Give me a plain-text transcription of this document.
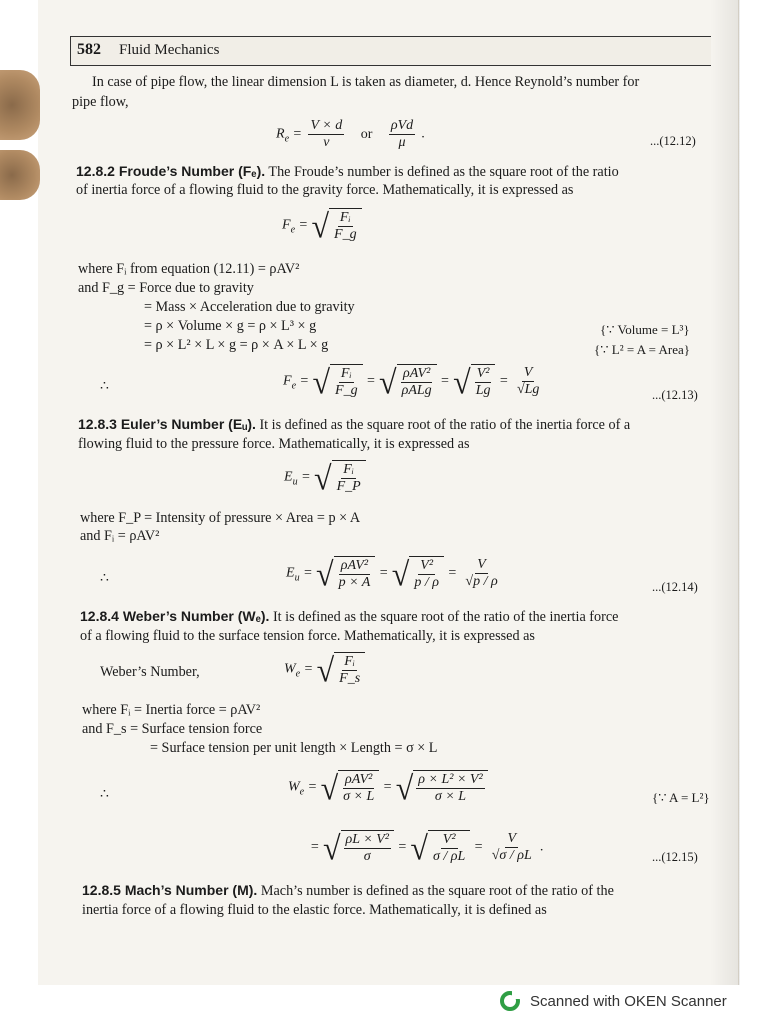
582 Fluid Mechanics
In case of pipe flow, the linear dimension L is taken as diameter, d. Hence Reynold’s number for
pipe flow,
$R_e = \frac{V \times d}{\nu}$ or $\frac{\text{ρVd}}{\mu}$ .	...(12.12)
12.8.2 Froude’s Number (Fₑ). The Froude’s number is defined as the square root of the ratio
of inertia force of a flowing fluid to the gravity force. Mathematically, it is expressed as
$F_e$ = √ $\frac{\text{Fᵢ}}{F\_g}$
where Fᵢ from equation (12.11) = ρAV²
and F_g = Force due to gravity
= Mass × Acceleration due to gravity
= ρ × Volume × g = ρ × L³ × g
= ρ × L² × L × g = ρ × A × L × g
{∵ Volume = L³}
{∵ L² = A = Area}
∴	$F_e$ = √ $\frac{\text{Fᵢ}}{F\_g}$ = √ $\frac{\text{ρAV²}}{\text{ρALg}}$ = √ $\frac{\text{V²}}{Lg} = \frac{V}{√Lg}$	...(12.13)
12.8.3 Euler’s Number (Eᵤ). It is defined as the square root of the ratio of the inertia force of a
flowing fluid to the pressure force. Mathematically, it is expressed as
$E_u$ = √ $\frac{\text{Fᵢ}}{F\_P}$
where F_P = Intensity of pressure × Area = p × A
and Fᵢ = ρAV²
∴	$E_u$ = √ $\frac{\text{ρAV²}}{p \times A}$ = √ $\frac{\text{V²}}{p / \rho} = \frac{V}{√p / \rho}$	...(12.14)
12.8.4 Weber’s Number (Wₑ). It is defined as the square root of the ratio of the inertia force
of a flowing fluid to the surface tension force. Mathematically, it is expressed as
Weber’s Number,	$W_e$ = √ $\frac{\text{Fᵢ}}{F\_s}$
where Fᵢ = Inertia force = ρAV²
and F_s = Surface tension force
= Surface tension per unit length × Length = σ × L
∴	$W_e$ = √ $\frac{\text{ρAV²}}{\sigma \times L}$ = √ $\frac{\text{ρ × L² × V²}}{\sigma \times L}$	{∵ A = L²}
= √ $\frac{\text{ρL × V²}}{\sigma}$ = √ $\frac{\text{V²}}{\sigma / \rho L} = \frac{V}{√\sigma / \rho L}$ .
...(12.15)
12.8.5 Mach’s Number (M). Mach’s number is defined as the square root of the ratio of the
inertia force of a flowing fluid to the elastic force. Mathematically, it is defined as
Scanned with OKEN Scanner
